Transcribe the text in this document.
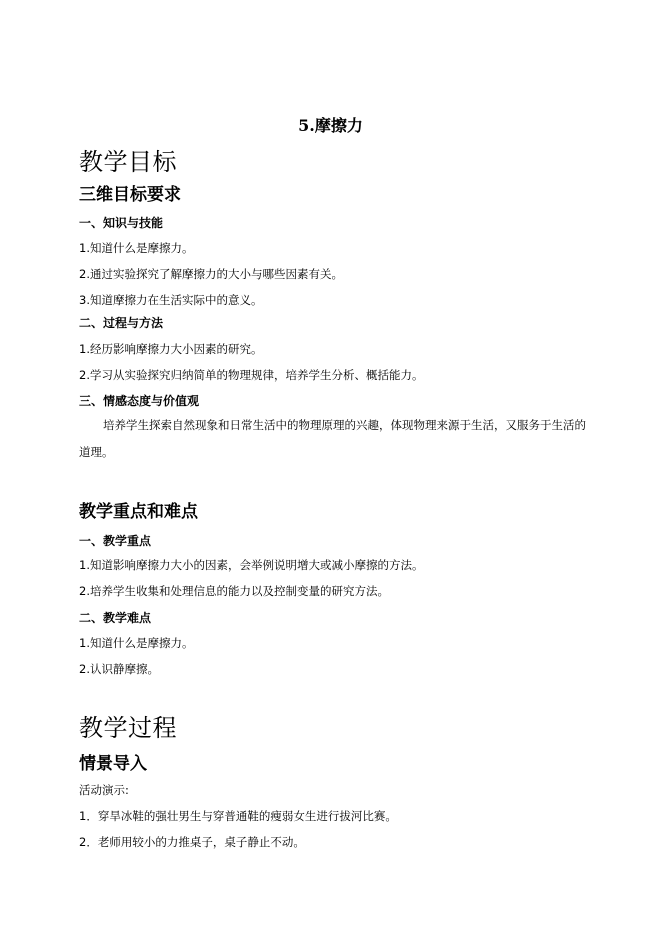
5.摩擦力
教学目标
三维目标要求
一、知识与技能
1.知道什么是摩擦力。
2.通过实验探究了解摩擦力的大小与哪些因素有关。
3.知道摩擦力在生活实际中的意义。
二、过程与方法
1.经历影响摩擦力大小因素的研究。
2.学习从实验探究归纳简单的物理规律，培养学生分析、概括能力。
三、情感态度与价值观
培养学生探索自然现象和日常生活中的物理原理的兴趣，体现物理来源于生活，又服务于生活的道理。
教学重点和难点
一、教学重点
1.知道影响摩擦力大小的因素，会举例说明增大或减小摩擦的方法。
2.培养学生收集和处理信息的能力以及控制变量的研究方法。
二、教学难点
1.知道什么是摩擦力。
2.认识静摩擦。
教学过程
情景导入
活动演示:
1．穿旱冰鞋的强壮男生与穿普通鞋的瘦弱女生进行拔河比赛。
2．老师用较小的力推桌子，桌子静止不动。
